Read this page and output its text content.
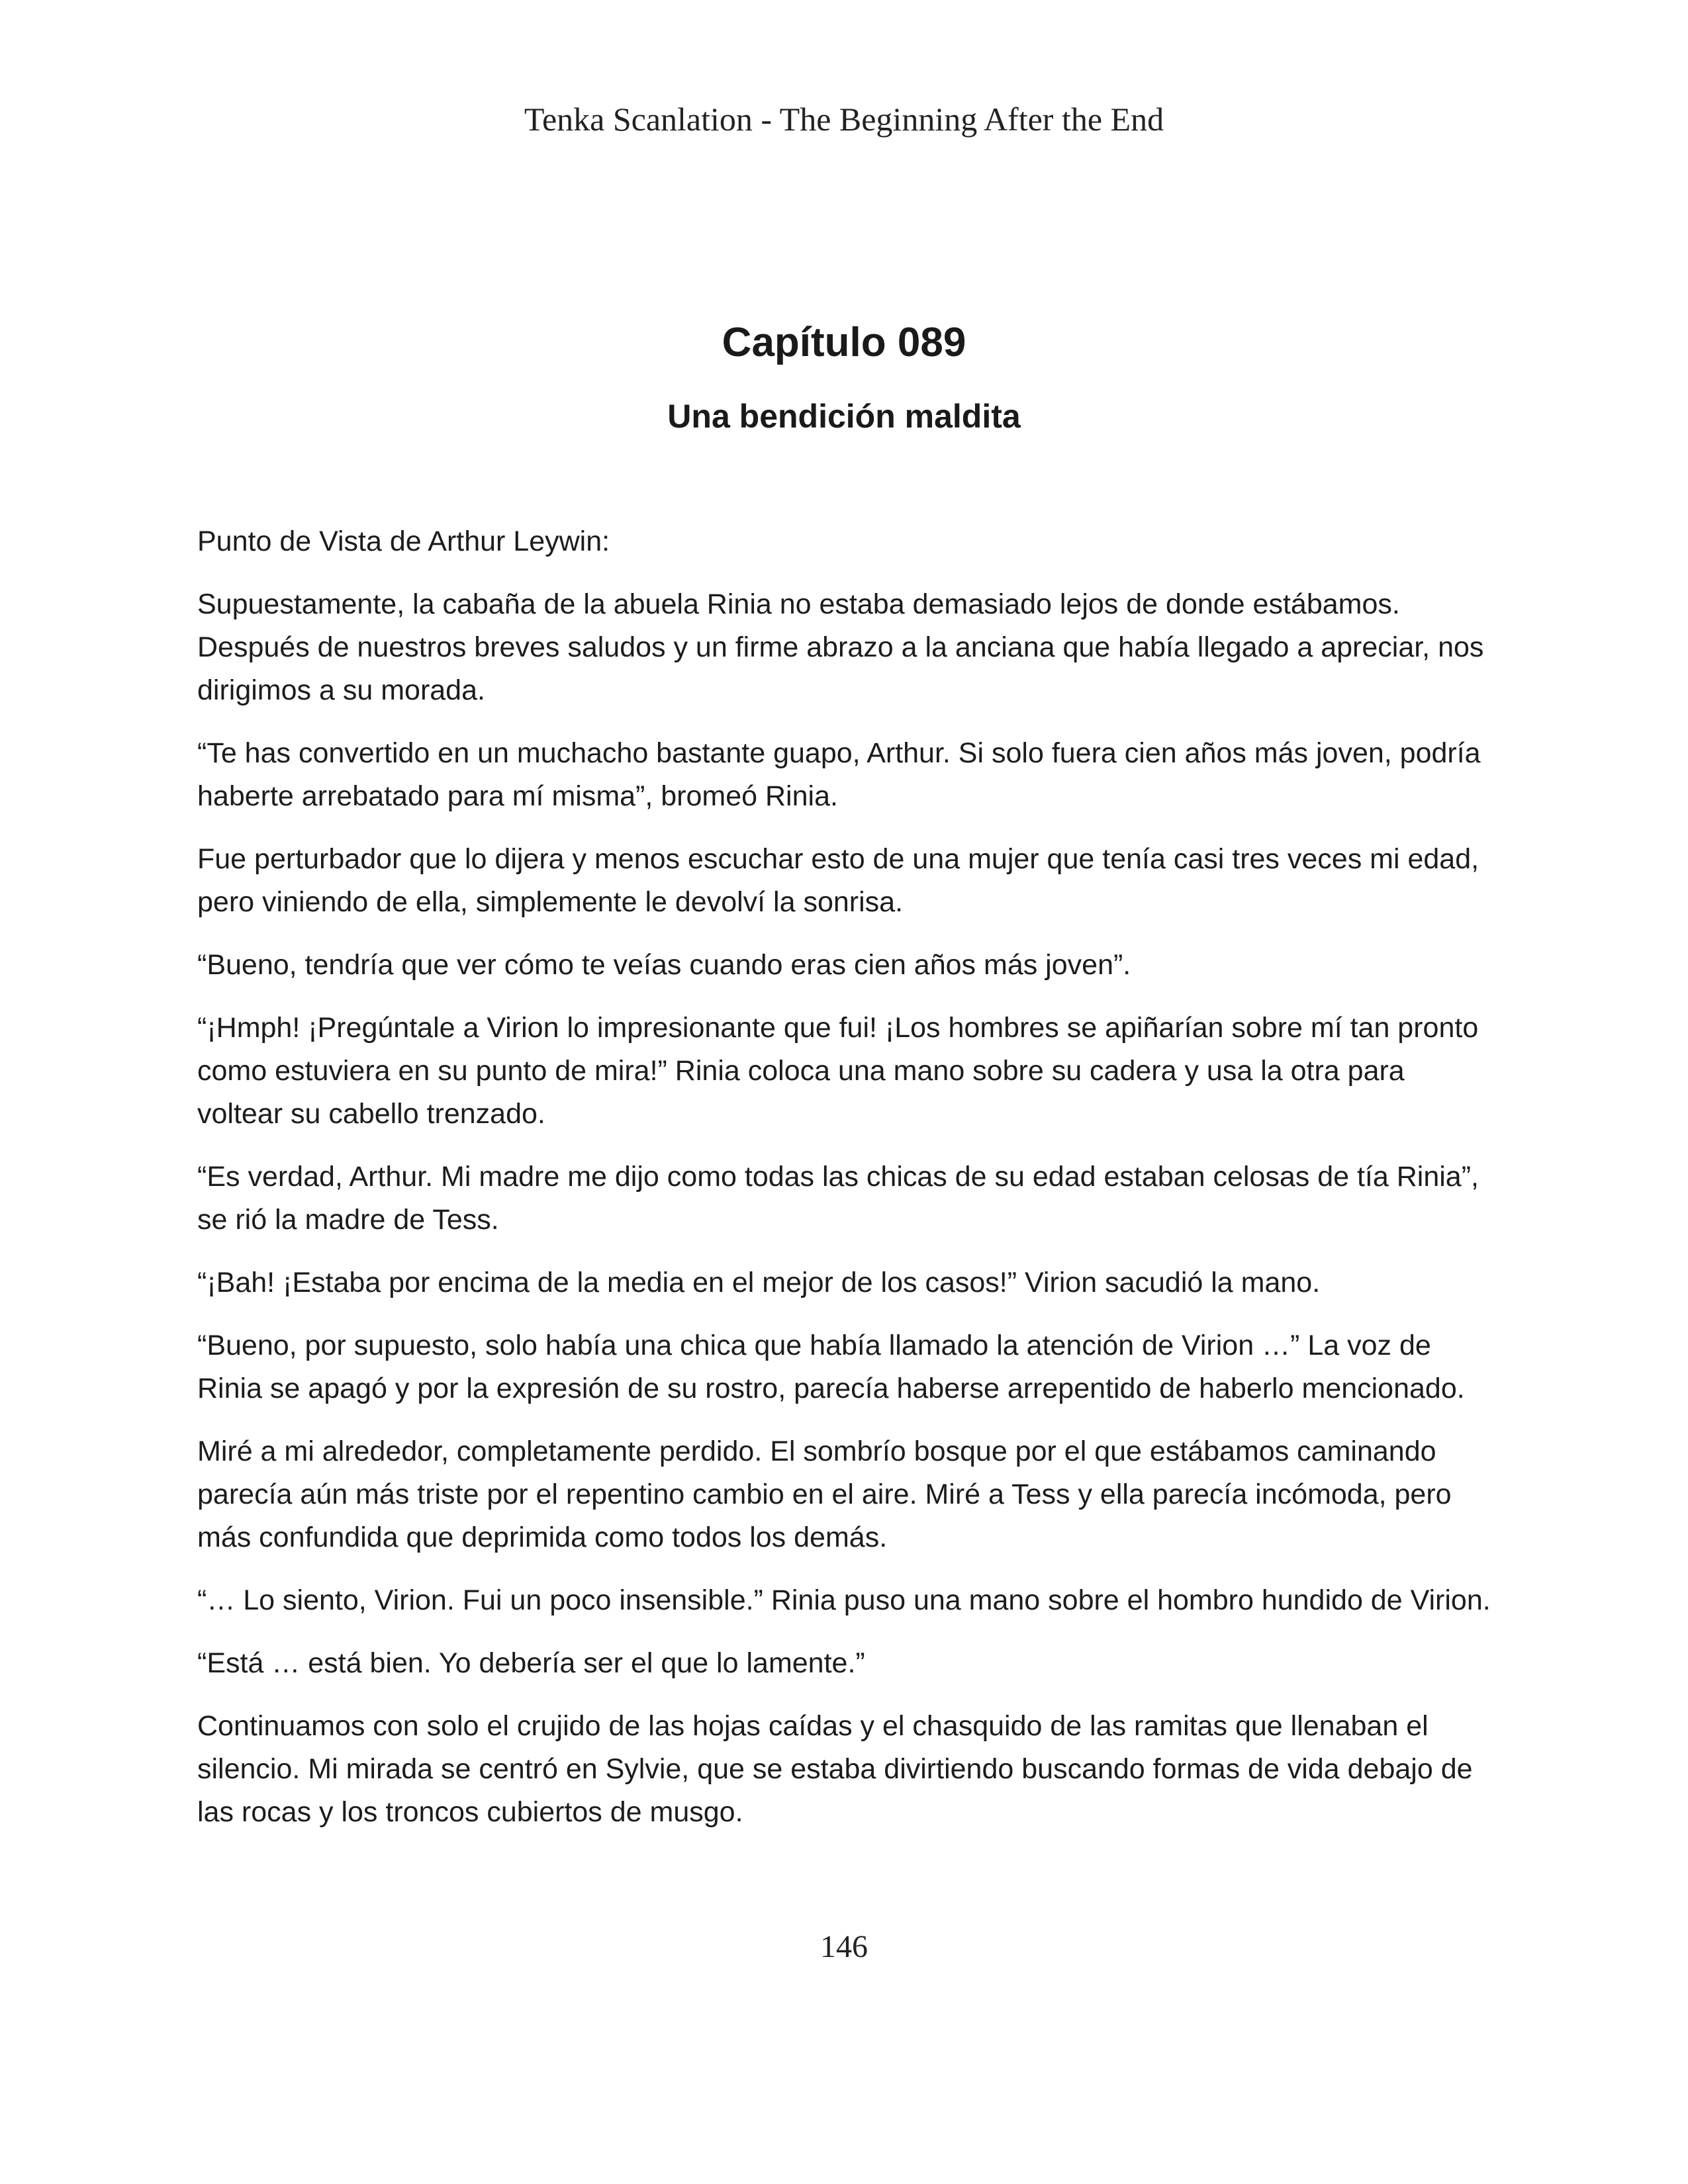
Tenka Scanlation - The Beginning After the End
Capítulo 089
Una bendición maldita

Punto de Vista de Arthur Leywin:

Supuestamente, la cabaña de la abuela Rinia no estaba demasiado lejos de donde estábamos. Después de nuestros breves saludos y un firme abrazo a la anciana que había llegado a apreciar, nos dirigimos a su morada.

“Te has convertido en un muchacho bastante guapo, Arthur. Si solo fuera cien años más joven, podría haberte arrebatado para mí misma”, bromeó Rinia.

Fue perturbador que lo dijera y menos escuchar esto de una mujer que tenía casi tres veces mi edad, pero viniendo de ella, simplemente le devolví la sonrisa.

“Bueno, tendría que ver cómo te veías cuando eras cien años más joven”.

“¡Hmph! ¡Pregúntale a Virion lo impresionante que fui! ¡Los hombres se apiñarían sobre mí tan pronto como estuviera en su punto de mira!” Rinia coloca una mano sobre su cadera y usa la otra para voltear su cabello trenzado.

“Es verdad, Arthur. Mi madre me dijo como todas las chicas de su edad estaban celosas de tía Rinia”, se rió la madre de Tess.

“¡Bah! ¡Estaba por encima de la media en el mejor de los casos!” Virion sacudió la mano.

“Bueno, por supuesto, solo había una chica que había llamado la atención de Virion …” La voz de Rinia se apagó y por la expresión de su rostro, parecía haberse arrepentido de haberlo mencionado.

Miré a mi alrededor, completamente perdido. El sombrío bosque por el que estábamos caminando parecía aún más triste por el repentino cambio en el aire. Miré a Tess y ella parecía incómoda, pero más confundida que deprimida como todos los demás.

“… Lo siento, Virion. Fui un poco insensible.” Rinia puso una mano sobre el hombro hundido de Virion.

“Está … está bien. Yo debería ser el que lo lamente.”

Continuamos con solo el crujido de las hojas caídas y el chasquido de las ramitas que llenaban el silencio. Mi mirada se centró en Sylvie, que se estaba divirtiendo buscando formas de vida debajo de las rocas y los troncos cubiertos de musgo.

146
